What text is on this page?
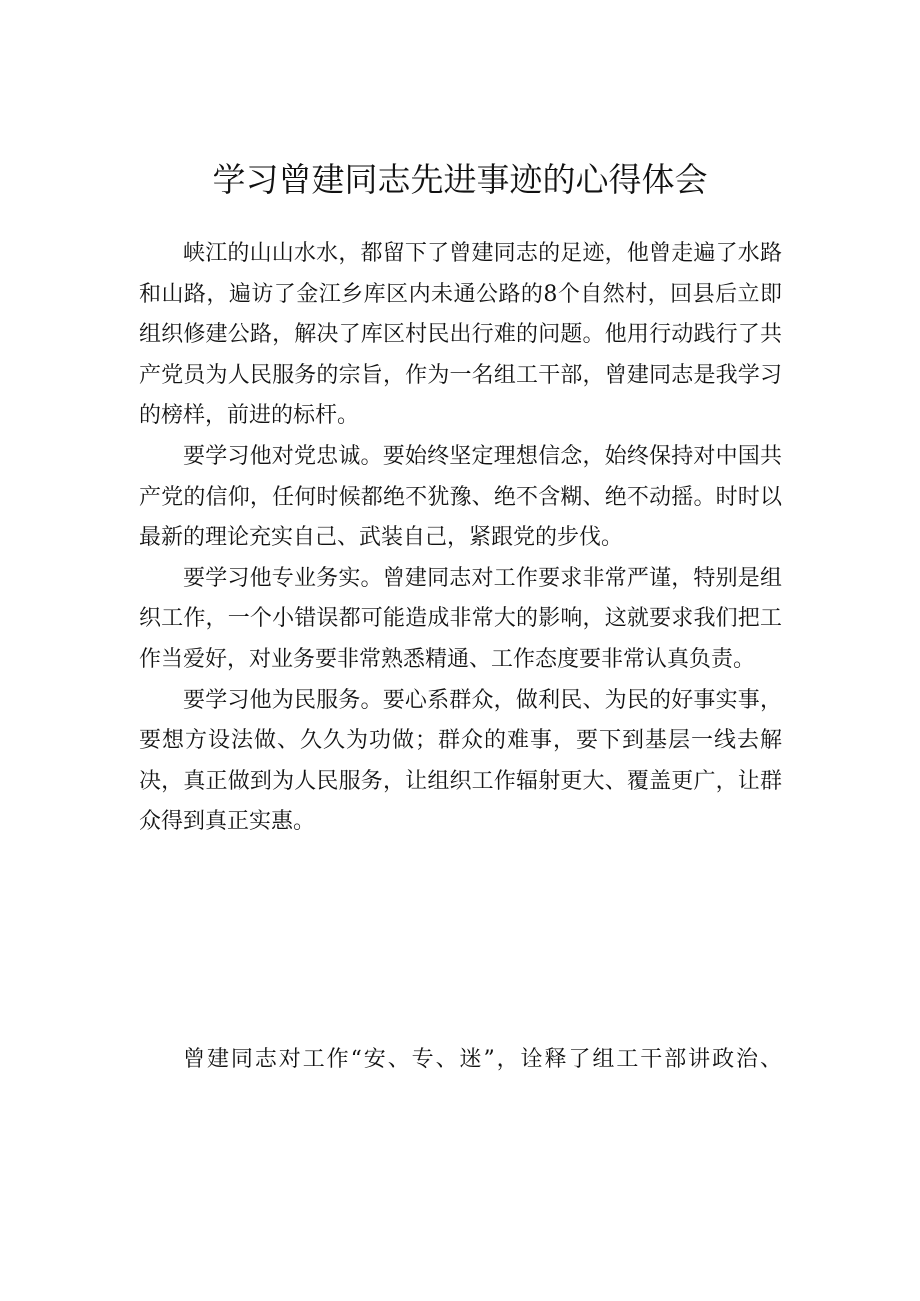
学习曾建同志先进事迹的心得体会

峡江的山山水水，都留下了曾建同志的足迹，他曾走遍了水路和山路，遍访了金江乡库区内未通公路的8个自然村，回县后立即组织修建公路，解决了库区村民出行难的问题。他用行动践行了共产党员为人民服务的宗旨，作为一名组工干部，曾建同志是我学习的榜样，前进的标杆。

要学习他对党忠诚。要始终坚定理想信念，始终保持对中国共产党的信仰，任何时候都绝不犹豫、绝不含糊、绝不动摇。时时以最新的理论充实自己、武装自己，紧跟党的步伐。

要学习他专业务实。曾建同志对工作要求非常严谨，特别是组织工作，一个小错误都可能造成非常大的影响，这就要求我们把工作当爱好，对业务要非常熟悉精通、工作态度要非常认真负责。

要学习他为民服务。要心系群众，做利民、为民的好事实事，要想方设法做、久久为功做；群众的难事，要下到基层一线去解决，真正做到为人民服务，让组织工作辐射更大、覆盖更广，让群众得到真正实惠。

曾建同志对工作“安、专、迷”，诠释了组工干部讲政治、
